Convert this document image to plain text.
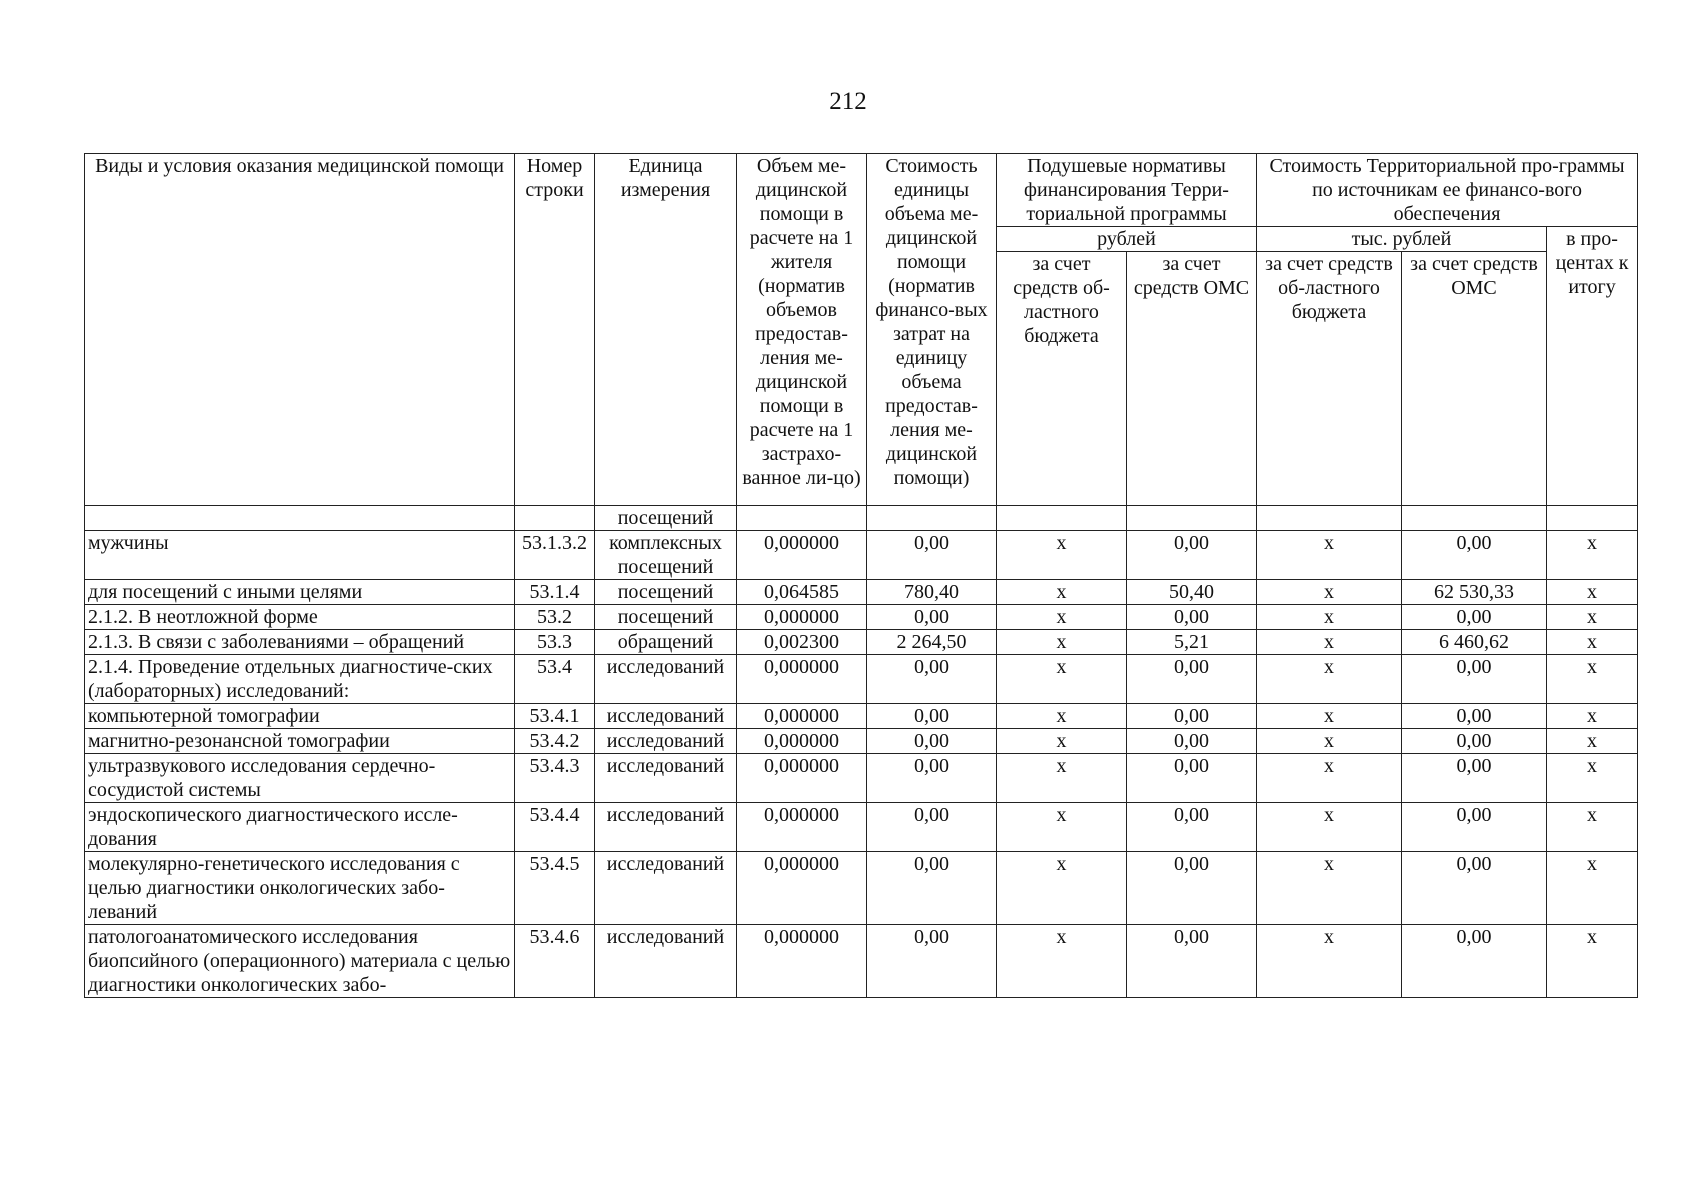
212
Виды и условия оказания медицинской помощи	Номер строки	Единица измерения	Объем ме-дицинской помощи в расчете на 1 жителя (норматив объемов предостав-ления ме-дицинской помощи в расчете на 1 застрахо-ванное ли-цо)	Стоимость единицы объема ме-дицинской помощи (норматив финансо-вых затрат на единицу объема предостав-ления ме-дицинской помощи)	Подушевые нормативы финансирования Терри-ториальной программы		Стоимость Территориальной про-граммы по источникам ее финансо-вого обеспечения		
					рублей		тыс. рублей		в про-центах к итогу
					за счет средств об-ластного бюджета	за счет средств ОМС	за счет средств об-ластного бюджета	за счет средств ОМС	
		посещений							
мужчины	53.1.3.2	комплексных посещений	0,000000	0,00	х	0,00	х	0,00	х
для посещений с иными целями	53.1.4	посещений	0,064585	780,40	х	50,40	х	62 530,33	х
2.1.2. В неотложной форме	53.2	посещений	0,000000	0,00	х	0,00	х	0,00	х
2.1.3. В связи с заболеваниями – обращений	53.3	обращений	0,002300	2 264,50	х	5,21	х	6 460,62	х
2.1.4. Проведение отдельных диагностиче-ских (лабораторных) исследований:	53.4	исследований	0,000000	0,00	х	0,00	х	0,00	х
компьютерной томографии	53.4.1	исследований	0,000000	0,00	х	0,00	х	0,00	х
магнитно-резонансной томографии	53.4.2	исследований	0,000000	0,00	х	0,00	х	0,00	х
ультразвукового исследования сердечно-сосудистой системы	53.4.3	исследований	0,000000	0,00	х	0,00	х	0,00	х
эндоскопического диагностического иссле-дования	53.4.4	исследований	0,000000	0,00	х	0,00	х	0,00	х
молекулярно-генетического исследования с целью диагностики онкологических забо-леваний	53.4.5	исследований	0,000000	0,00	х	0,00	х	0,00	х
патологоанатомического исследования биопсийного (операционного) материала с целью диагностики онкологических забо-	53.4.6	исследований	0,000000	0,00	х	0,00	х	0,00	х
